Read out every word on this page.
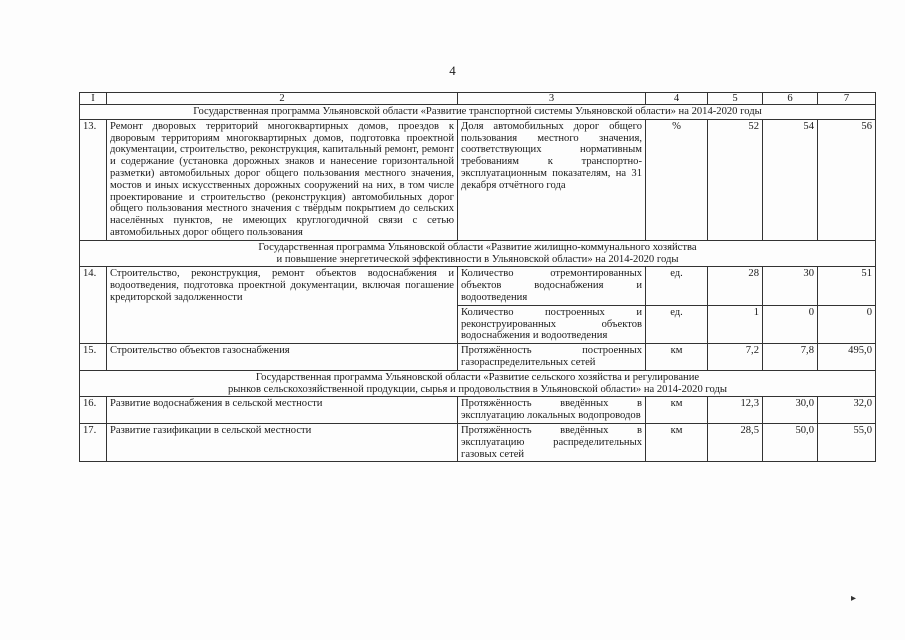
4
I	2	3	4	5	6	7
Государственная программа Ульяновской области «Развитие транспортной системы Ульяновской области» на 2014-2020 годы						
13.	Ремонт дворовых территорий многоквартирных домов, проездов к дворовым территориям многоквартирных домов, подготовка проектной документации, строительство, реконструкция, капитальный ремонт, ремонт и содержание (установка дорожных знаков и нанесение горизонтальной разметки) автомобильных дорог общего пользования местного значения, мостов и иных искусственных дорожных сооружений на них, в том числе проектирование и строительство (реконструкция) автомобильных дорог общего пользования местного значения с твёрдым покрытием до сельских населённых пунктов, не имеющих круглогодичной связи с сетью автомобильных дорог общего пользования	Доля автомобильных дорог общего пользования местного значения, соответствующих нормативным требованиям к транспортно-эксплуатационным показателям, на 31 декабря отчётного года	%	52	54	56
Государственная программа Ульяновской области «Развитие жилищно-коммунального хозяйства
и повышение энергетической эффективности в Ульяновской области» на 2014-2020 годы						
14.	Строительство, реконструкция, ремонт объектов водоснабжения и водоотведения, подготовка проектной документации, включая погашение кредиторской задолженности	Количество отремонтированных объектов водоснабжения и водоотведения	ед.	28	30	51
		Количество построенных и реконструированных объектов водоснабжения и водоотведения	ед.	1	0	0
15.	Строительство объектов газоснабжения	Протяжённость построенных газораспределительных сетей	км	7,2	7,8	495,0
Государственная программа Ульяновской области «Развитие сельского хозяйства и регулирование
рынков сельскохозяйственной продукции, сырья и продовольствия в Ульяновской области» на 2014-2020 годы						
16.	Развитие водоснабжения в сельской местности	Протяжённость введённых в эксплуатацию локальных водопроводов	км	12,3	30,0	32,0
17.	Развитие газификации в сельской местности	Протяжённость введённых в эксплуатацию распределительных газовых сетей	км	28,5	50,0	55,0
▸
